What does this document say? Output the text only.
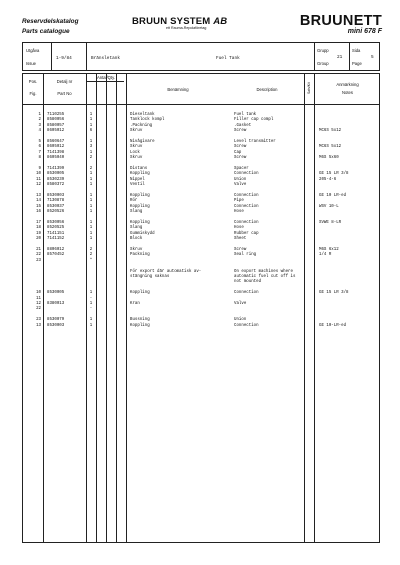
Reservdelskatalog
Parts catalogue
BRUUN SYSTEM AB
ett Rauma-Repolaföretag	BRUUNETT
mini 678 F
Utgåva
Issue
1-9/84	Bränsletank	Fuel Tank
Grupp
21
Group
Sida
5
Page
Pos.
Fig.
Detalj nr
Part No
Antal/Qty.
Benämning	Description	Sats/Kit	Anmärkning
Notes
1 7110255	1	Dieseltank	Fuel tank
2 8580056	1	Tanklock kompl	Filler cap compl
3 8580057	1	.Packning	.Gasket
4 8605012	6	Skruv	Screw	MC6S 5x12
5 8560647	1	Nivågivare	Level transmitter
6 8605012	3	Skruv	Screw	MC6S 5x12
7 7141398	1	Lock	Cap
8 8605040	2	Skruv	Screw	M6S 5x60
9 7141399	2	Distans	Spacer
10 8530005	1	Koppling	Connection	GE 15 LR 3/8
11 8530239	1	Nippel	Union	205-4-6
12 8580372	1	Ventil	Valve
13 8530003	1	Koppling	Connection	GE 10 LR-ed
14 7130878	1	Rör	Pipe
15 8530037	1	Koppling	Connection	WSV 10-L
16 8520526	1	Slang	Hose
17 8530056	1	Koppling	Connection	SVWE 8-LR
18 8520525	1	Slang	Hose
19 7141151	1	Gummiskydd	Rubber cap
20 7141152	1	Block	Sheet
21 8806012	2	Skruv	Screw	M6S 6x12
22 8570452	2	Packning	Seal ring	1/4 R
23	*
För export där automatisk av-	On export machines where
stängning saknas	automatic fuel cut off is
not mounted
10 8530005	1	Koppling	Connection	GE 15 LR 3/8
11	-
12 8380013	1	Kran	Valve
22	-
23 8530079	1	Bussning	Union
13 8530003	1	Koppling	Connection	GE 10-LR-ed
